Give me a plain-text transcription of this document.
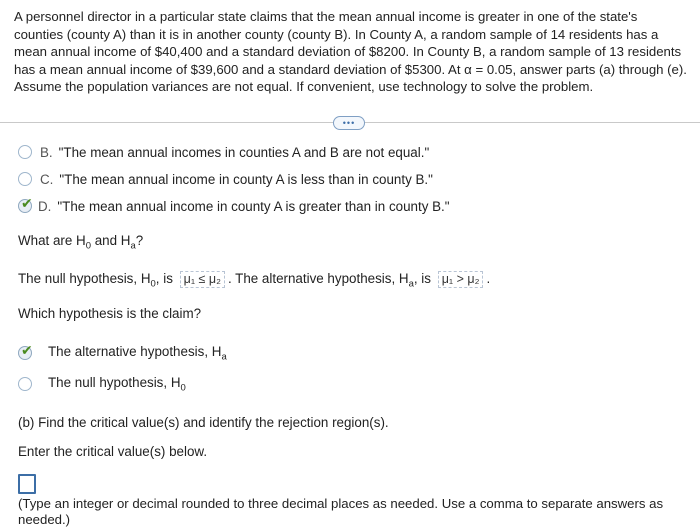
A personnel director in a particular state claims that the mean annual income is greater in one of the state's counties (county A) than it is in another county (county B). In County A, a random sample of 14 residents has a mean annual income of $40,400 and a standard deviation of $8200. In County B, a random sample of 13 residents has a mean annual income of $39,600 and a standard deviation of $5300. At α = 0.05, answer parts (a) through (e). Assume the population variances are not equal. If convenient, use technology to solve the problem.
•••
B. "The mean annual incomes in counties A and B are not equal."
C. "The mean annual income in county A is less than in county B."
✔ D. "The mean annual income in county A is greater than in county B."
What are $H_0$ and $H_a$?
The null hypothesis, $H_0$, is μ₁ ≤ μ₂ . The alternative hypothesis, $H_a$, is μ₁ > μ₂ .
Which hypothesis is the claim?
✔ The alternative hypothesis, $H_a$
The null hypothesis, $H_0$
(b) Find the critical value(s) and identify the rejection region(s).
Enter the critical value(s) below.
(Type an integer or decimal rounded to three decimal places as needed. Use a comma to separate answers as needed.)
